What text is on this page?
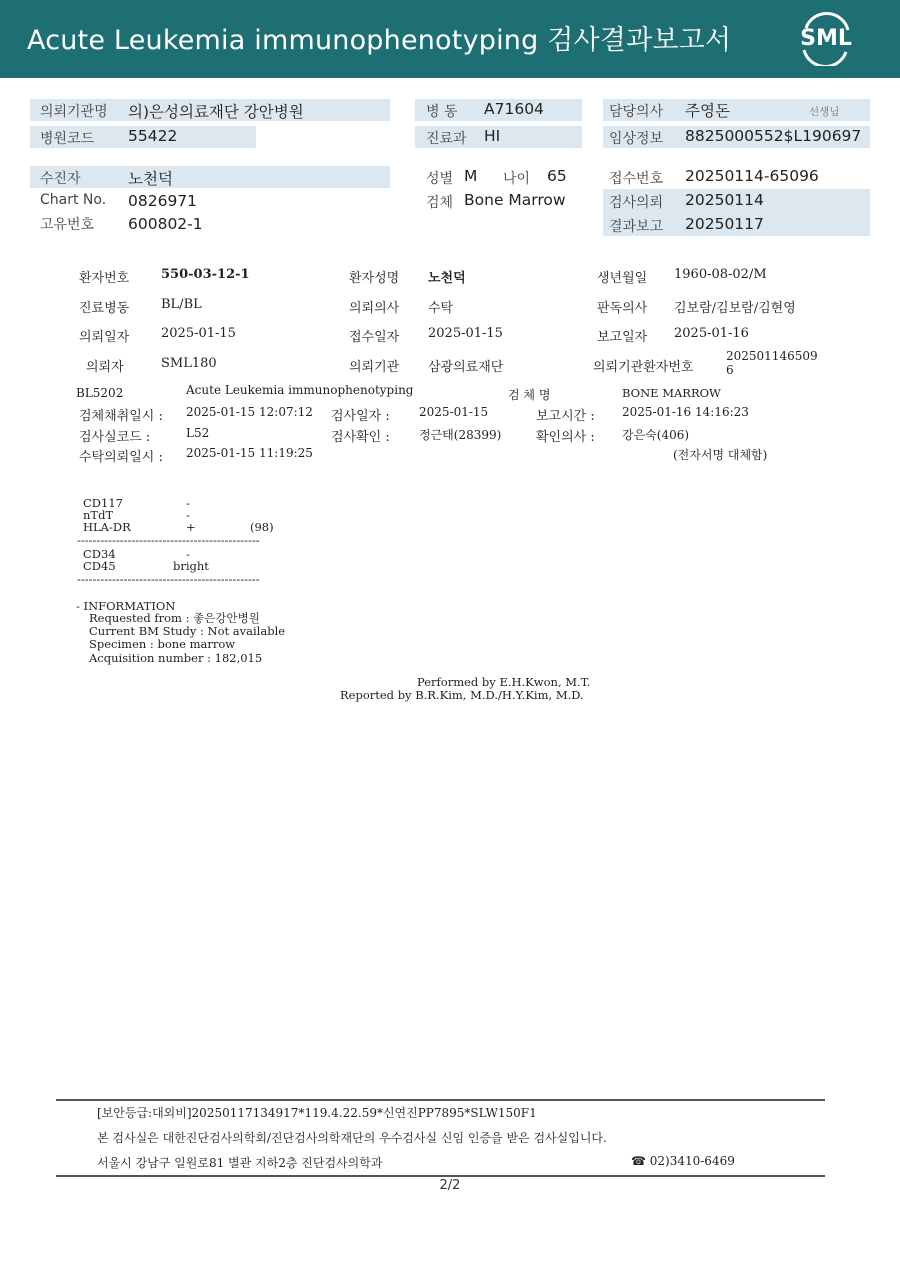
Acute Leukemia immunophenotyping 검사결과보고서	SML
의뢰기관명 의)은성의료재단 강안병원
병원코드 55422
병 동 A71604
진료과 HI
담당의사 주영돈	선생님
임상정보 8825000552$L190697
수진자	노천덕
Chart No. 0826971
고유번호 600802-1
성별 M 나이 65
검체 Bone Marrow
접수번호 20250114-65096
검사의뢰 20250114
결과보고 20250117
환자번호 550-03-12-1	환자성명 노천덕	생년월일 1960-08-02/M
진료병동 BL/BL	의뢰의사 수탁	판독의사 김보람/김보람/김현영
의뢰일자 2025-01-15	접수일자 2025-01-15	보고일자 2025-01-16
의뢰자	SML180	의뢰기관 삼광의료재단	의뢰기관환자번호
202501146509
6
BL5202	Acute Leukemia immunophenotyping	검 체 명	BONE MARROW
검체채취일시 : 2025-01-15 12:07:12 검사일자 : 2025-01-15	보고시간 : 2025-01-16 14:16:23
검사실코드 :	L52	검사확인 : 정근태(28399)	확인의사 : 강은숙(406)
수탁의뢰일시 : 2025-01-15 11:19:25	(전자서명 대체함)
CD117	-
nTdT	-
HLA-DR	+	(98)
-----------------------------------------------
CD34	-
CD45	bright
-----------------------------------------------
- INFORMATION
Requested from : 좋은강안병원
Current BM Study : Not available
Specimen : bone marrow
Acquisition number : 182,015
Performed by E.H.Kwon, M.T.
Reported by B.R.Kim, M.D./H.Y.Kim, M.D.
[보안등급:대외비]20250117134917*119.4.22.59*신연진PP7895*SLW150F1
본 검사실은 대한진단검사의학회/진단검사의학재단의 우수검사실 신임 인증을 받은 검사실입니다.
서울시 강남구 일원로81 별관 지하2층 진단검사의학과	☎ 02)3410-6469
2/2
